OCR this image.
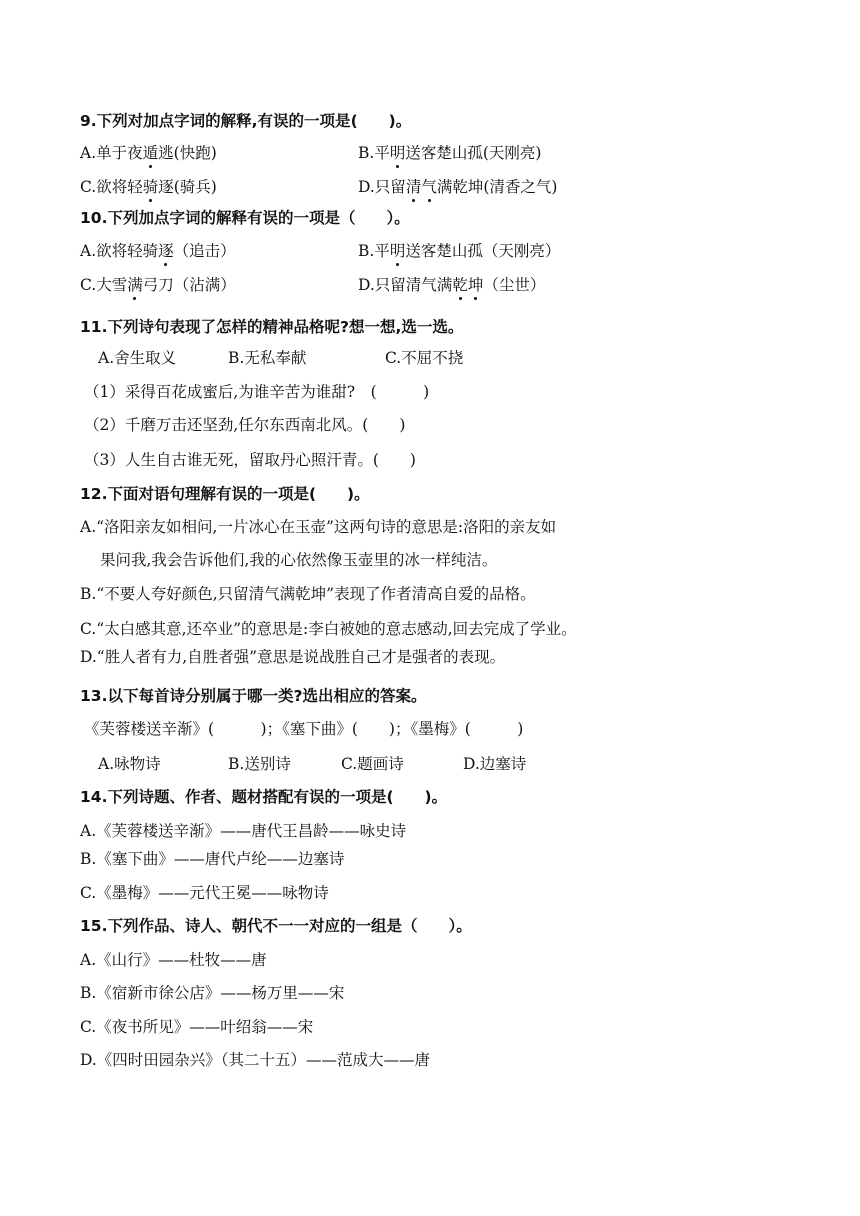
9.下列对加点字词的解释,有误的一项是(　　)。
A.单于夜遁逃(快跑)	B.平明送客楚山孤(天刚亮)
C.欲将轻骑逐(骑兵)	D.只留清气满乾坤(清香之气)
10.下列加点字词的解释有误的一项是（　　）。
A.欲将轻骑逐（追击）	B.平明送客楚山孤（天刚亮）
C.大雪满弓刀（沾满）	D.只留清气满乾坤（尘世）
11.下列诗句表现了怎样的精神品格呢?想一想,选一选。
A.舍生取义	B.无私奉献	C.不屈不挠
（1）采得百花成蜜后,为谁辛苦为谁甜?　(　　　)
（2）千磨万击还坚劲,任尔东西南北风。(　　)
（3）人生自古谁无死，留取丹心照汗青。(　　)
12.下面对语句理解有误的一项是(　　)。
A.“洛阳亲友如相问,一片冰心在玉壶”这两句诗的意思是:洛阳的亲友如
果问我,我会告诉他们,我的心依然像玉壶里的冰一样纯洁。
B.“不要人夸好颜色,只留清气满乾坤”表现了作者清高自爱的品格。
C.“太白感其意,还卒业”的意思是:李白被她的意志感动,回去完成了学业。
D.“胜人者有力,自胜者强”意思是说战胜自己才是强者的表现。
13.以下每首诗分别属于哪一类?选出相应的答案。
《芙蓉楼送辛渐》(　　　)；《塞下曲》(　　)；《墨梅》(　　　)
A.咏物诗	B.送别诗	C.题画诗	D.边塞诗
14.下列诗题、作者、题材搭配有误的一项是(　　)。
A.《芙蓉楼送辛渐》——唐代王昌龄——咏史诗
B.《塞下曲》——唐代卢纶——边塞诗
C.《墨梅》——元代王冕——咏物诗
15.下列作品、诗人、朝代不一一对应的一组是（　　）。
A.《山行》——杜牧——唐
B.《宿新市徐公店》——杨万里——宋
C.《夜书所见》——叶绍翁——宋
D.《四时田园杂兴》（其二十五）——范成大——唐
